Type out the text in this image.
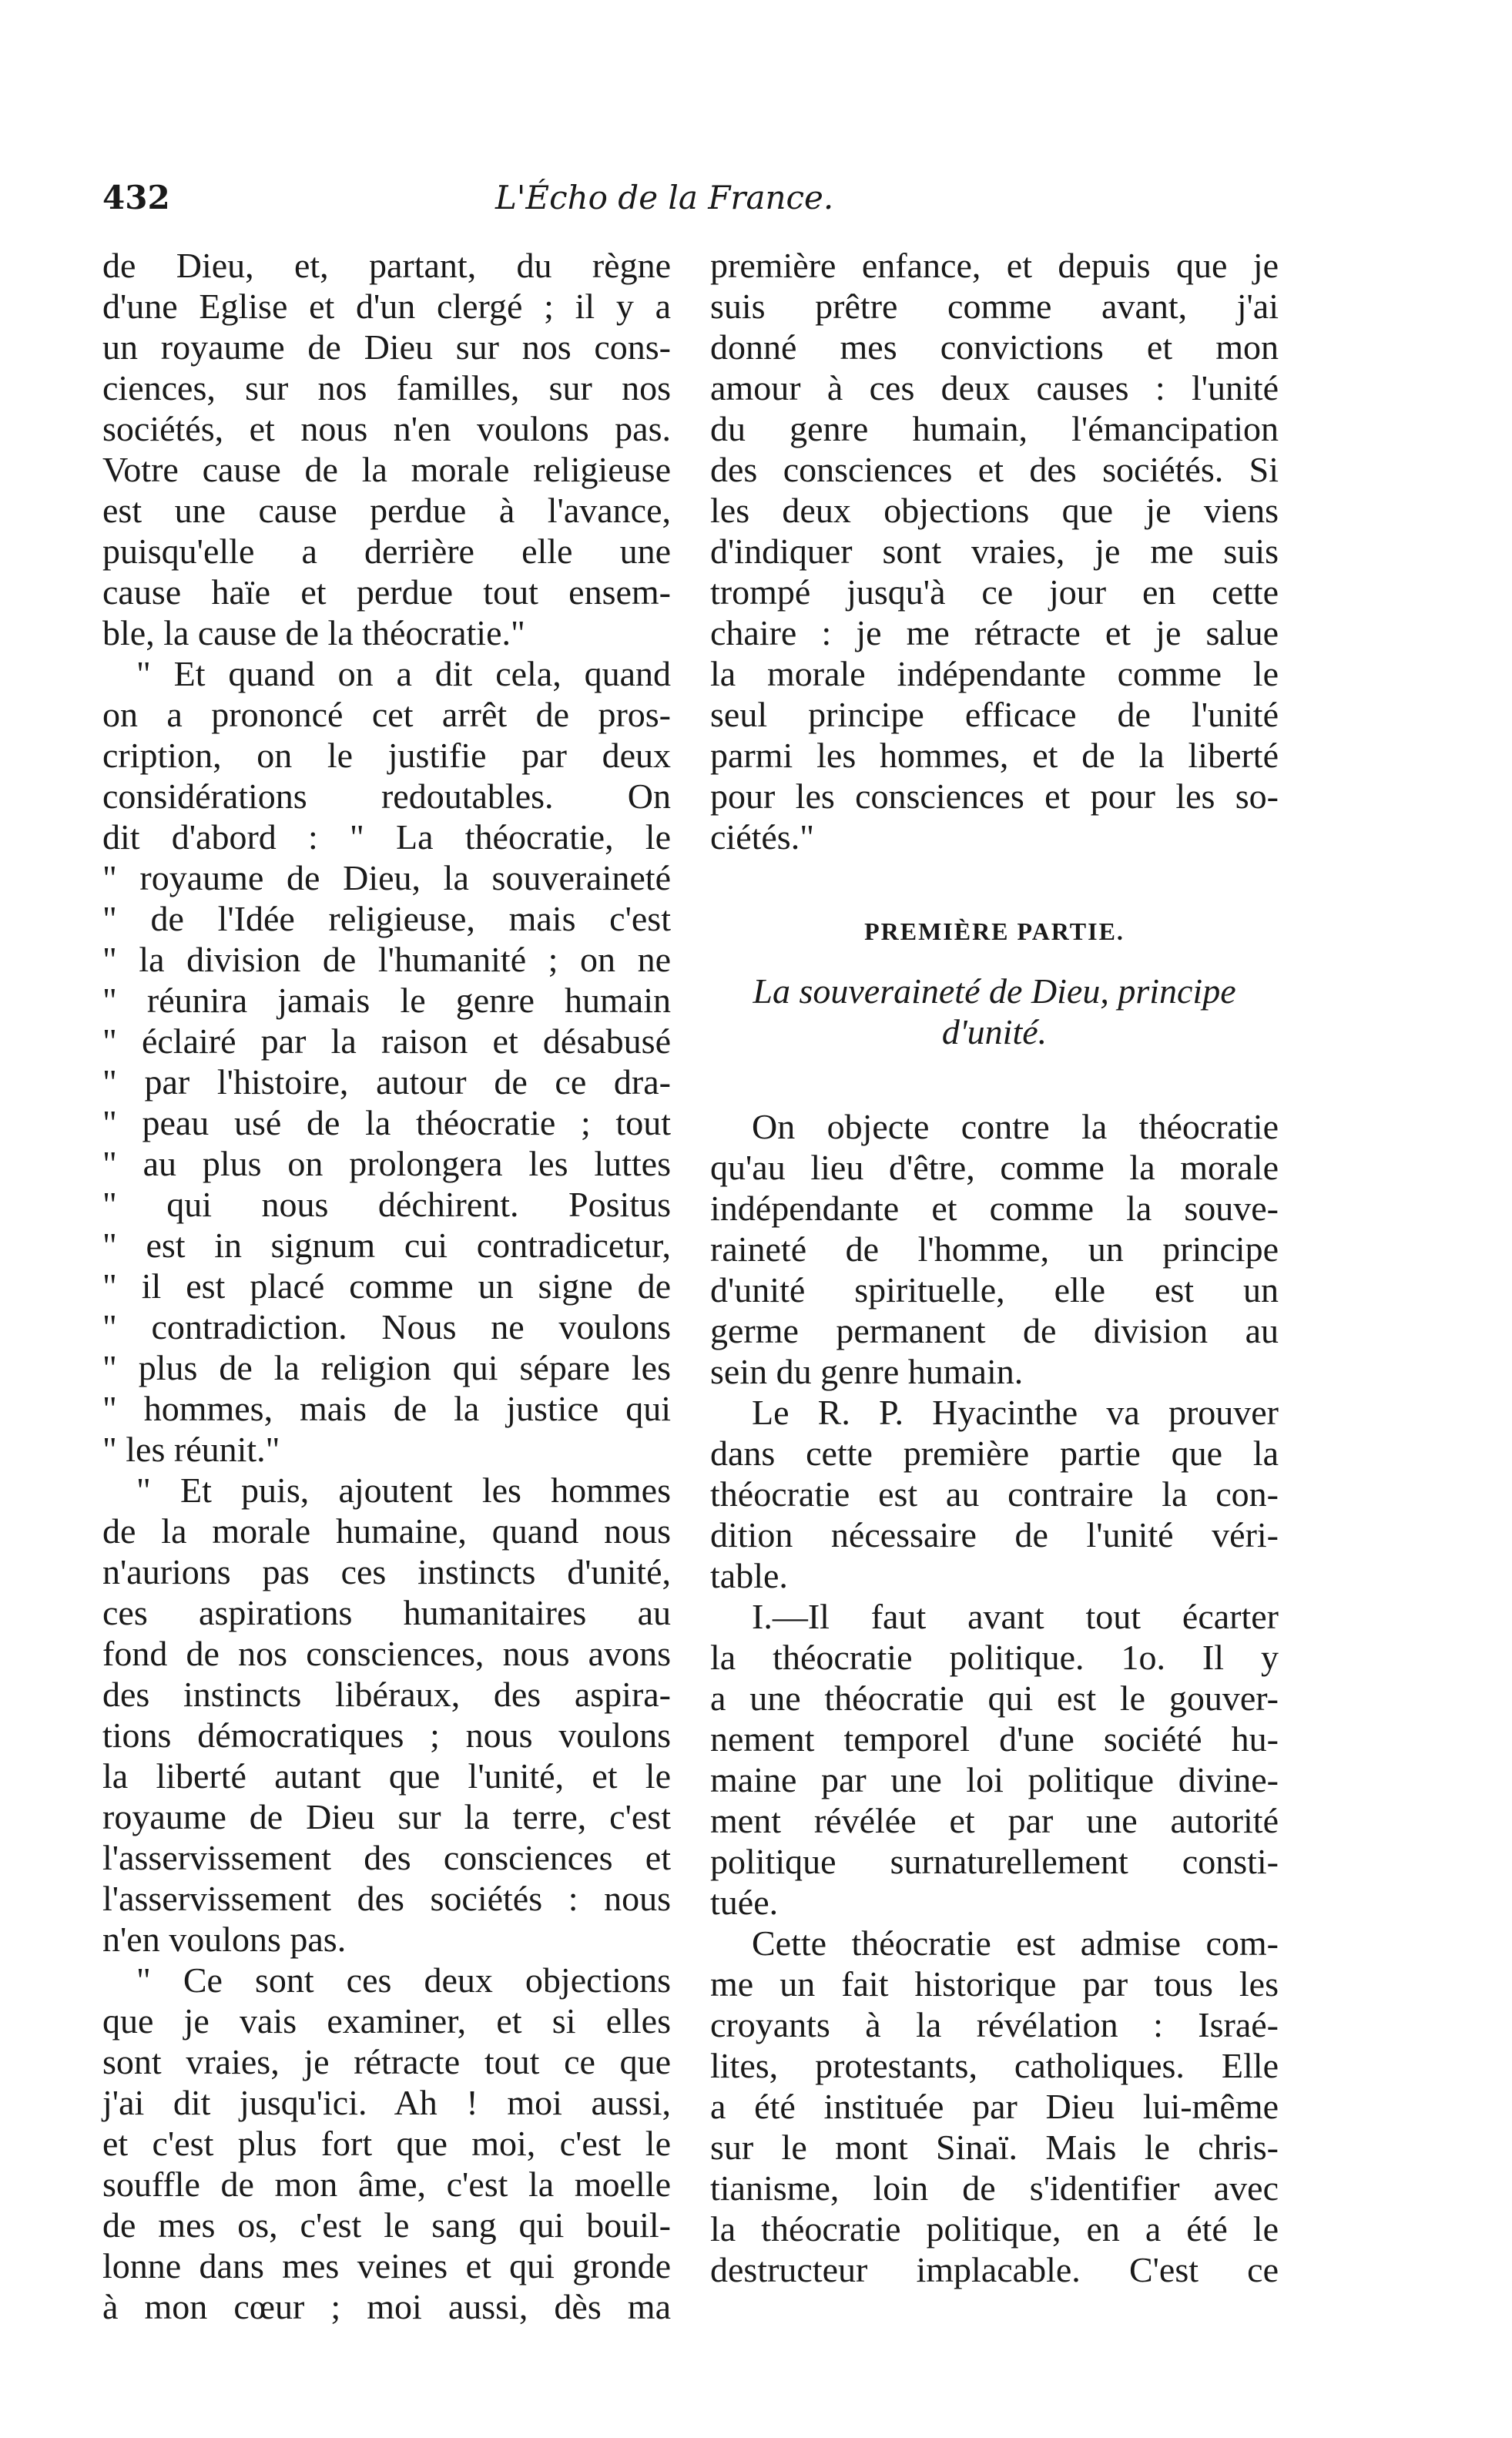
432	L'Écho de la France.
de Dieu, et, partant, du règne
d'une Eglise et d'un clergé ; il y a
un royaume de Dieu sur nos cons-
ciences, sur nos familles, sur nos
sociétés, et nous n'en voulons pas.
Votre cause de la morale religieuse
est une cause perdue à l'avance,
puisqu'elle a derrière elle une
cause haïe et perdue tout ensem-
ble, la cause de la théocratie."
" Et quand on a dit cela, quand
on a prononcé cet arrêt de pros-
cription, on le justifie par deux
considérations redoutables. On
dit d'abord : " La théocratie, le
" royaume de Dieu, la souveraineté
" de l'Idée religieuse, mais c'est
" la division de l'humanité ; on ne
" réunira jamais le genre humain
" éclairé par la raison et désabusé
" par l'histoire, autour de ce dra-
" peau usé de la théocratie ; tout
" au plus on prolongera les luttes
" qui nous déchirent. Positus
" est in signum cui contradicetur,
" il est placé comme un signe de
" contradiction. Nous ne voulons
" plus de la religion qui sépare les
" hommes, mais de la justice qui
" les réunit."
" Et puis, ajoutent les hommes
de la morale humaine, quand nous
n'aurions pas ces instincts d'unité,
ces aspirations humanitaires au
fond de nos consciences, nous avons
des instincts libéraux, des aspira-
tions démocratiques ; nous voulons
la liberté autant que l'unité, et le
royaume de Dieu sur la terre, c'est
l'asservissement des consciences et
l'asservissement des sociétés : nous
n'en voulons pas.
" Ce sont ces deux objections
que je vais examiner, et si elles
sont vraies, je rétracte tout ce que
j'ai dit jusqu'ici. Ah ! moi aussi,
et c'est plus fort que moi, c'est le
souffle de mon âme, c'est la moelle
de mes os, c'est le sang qui bouil-
lonne dans mes veines et qui gronde
à mon cœur ; moi aussi, dès ma
première enfance, et depuis que je
suis prêtre comme avant, j'ai
donné mes convictions et mon
amour à ces deux causes : l'unité
du genre humain, l'émancipation
des consciences et des sociétés. Si
les deux objections que je viens
d'indiquer sont vraies, je me suis
trompé jusqu'à ce jour en cette
chaire : je me rétracte et je salue
la morale indépendante comme le
seul principe efficace de l'unité
parmi les hommes, et de la liberté
pour les consciences et pour les so-
ciétés."
PREMIÈRE PARTIE.
La souveraineté de Dieu, principe
d'unité.
On objecte contre la théocratie
qu'au lieu d'être, comme la morale
indépendante et comme la souve-
raineté de l'homme, un principe
d'unité spirituelle, elle est un
germe permanent de division au
sein du genre humain.
Le R. P. Hyacinthe va prouver
dans cette première partie que la
théocratie est au contraire la con-
dition nécessaire de l'unité véri-
table.
I.—Il faut avant tout écarter
la théocratie politique. 1o. Il y
a une théocratie qui est le gouver-
nement temporel d'une société hu-
maine par une loi politique divine-
ment révélée et par une autorité
politique surnaturellement consti-
tuée.
Cette théocratie est admise com-
me un fait historique par tous les
croyants à la révélation : Israé-
lites, protestants, catholiques. Elle
a été instituée par Dieu lui-même
sur le mont Sinaï. Mais le chris-
tianisme, loin de s'identifier avec
la théocratie politique, en a été le
destructeur implacable. C'est ce
